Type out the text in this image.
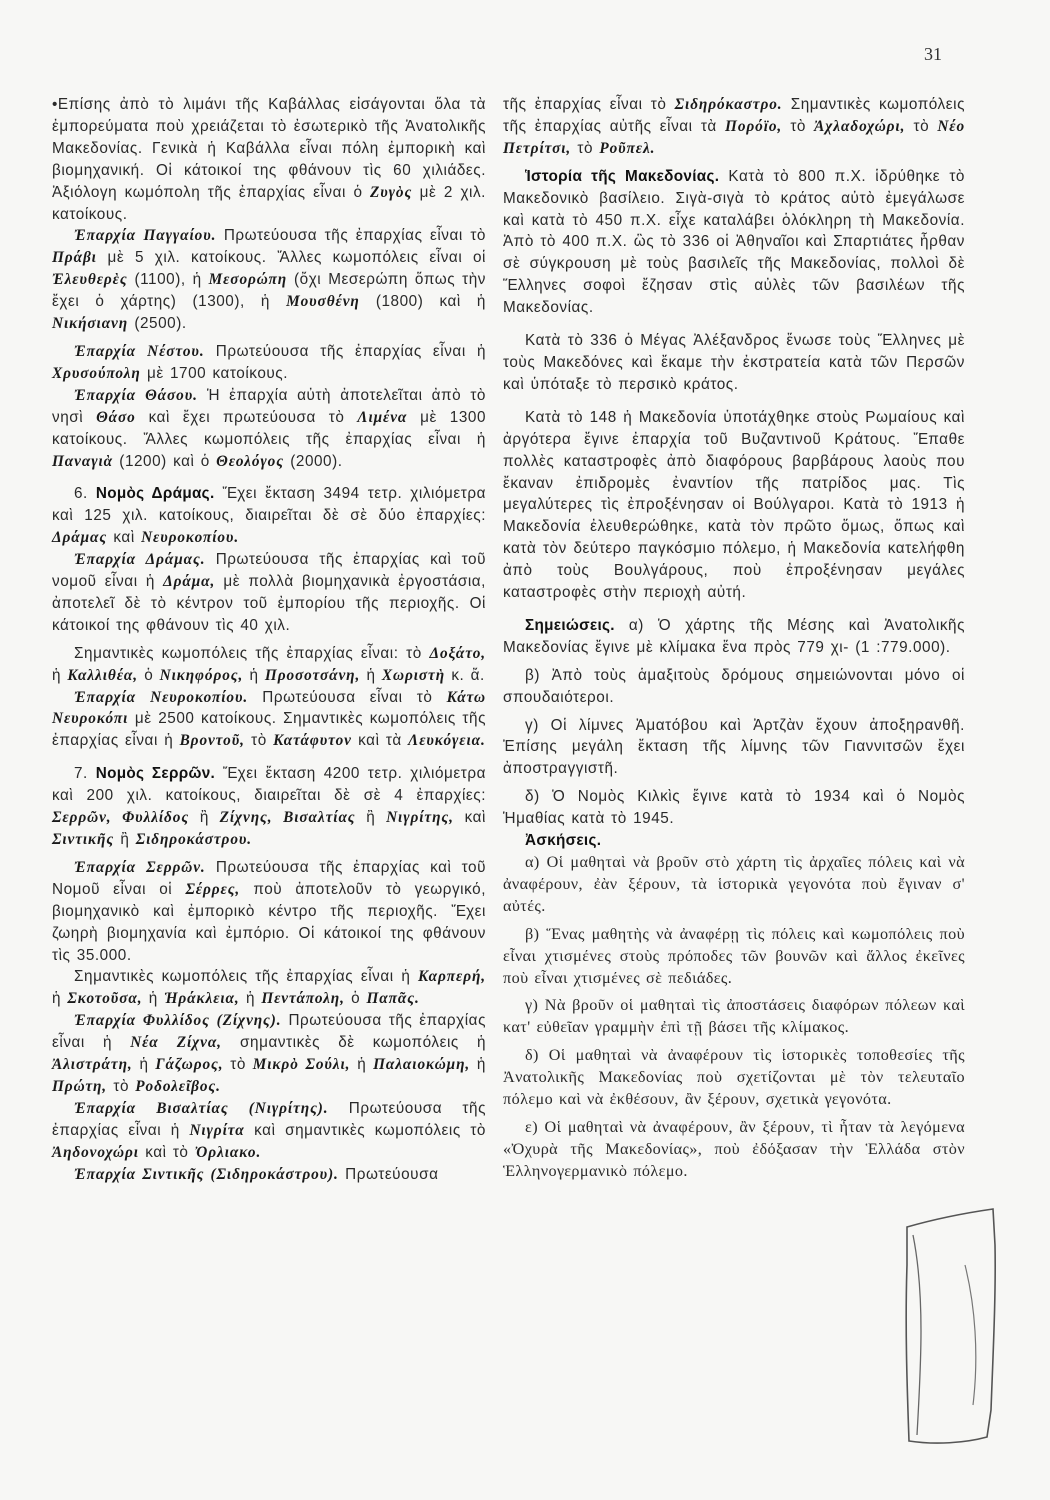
31

•Επίσης ἀπὸ τὸ λιμάνι τῆς Καβάλλας εἰσάγονται ὅλα τὰ ἐμπορεύματα ποὺ χρειάζεται τὸ ἐσωτερικὸ τῆς Ἀνατολικῆς Μακεδονίας. Γενικὰ ἡ Καβάλλα εἶναι πόλη ἐμπορικὴ καὶ βιομηχανική. Οἱ κάτοικοί της φθάνουν τὶς 60 χιλιάδες. Ἀξιόλογη κωμόπολη τῆς ἐπαρχίας εἶναι ὁ Ζυγὸς μὲ 2 χιλ. κατοίκους.

Ἐπαρχία Παγγαίου. Πρωτεύουσα τῆς ἐπαρχίας εἶναι τὸ Πράβι μὲ 5 χιλ. κατοίκους. Ἄλλες κωμοπόλεις εἶναι οἱ Ἐλευθερὲς (1100), ἡ Μεσορώπη (ὄχι Μεσερώπη ὅπως τὴν ἔχει ὁ χάρτης) (1300), ἡ Μουσθένη (1800) καὶ ἡ Νικήσιανη (2500).

Ἐπαρχία Νέστου. Πρωτεύουσα τῆς ἐπαρχίας εἶναι ἡ Χρυσούπολη μὲ 1700 κατοίκους.

Ἐπαρχία Θάσου. Ἡ ἐπαρχία αὐτὴ ἀποτελεῖται ἀπὸ τὸ νησὶ Θάσο καὶ ἔχει πρωτεύουσα τὸ Λιμένα μὲ 1300 κατοίκους. Ἄλλες κωμοπόλεις τῆς ἐπαρχίας εἶναι ἡ Παναγιὰ (1200) καὶ ὁ Θεολόγος (2000).

6. Νομὸς Δράμας. Ἔχει ἔκταση 3494 τετρ. χιλιόμετρα καὶ 125 χιλ. κατοίκους, διαιρεῖται δὲ σὲ δύο ἐπαρχίες: Δράμας καὶ Νευροκοπίου.

Ἐπαρχία Δράμας. Πρωτεύουσα τῆς ἐπαρχίας καὶ τοῦ νομοῦ εἶναι ἡ Δράμα, μὲ πολλὰ βιομηχανικὰ ἐργοστάσια, ἀποτελεῖ δὲ τὸ κέντρον τοῦ ἐμπορίου τῆς περιοχῆς. Οἱ κάτοικοί της φθάνουν τὶς 40 χιλ.

Σημαντικὲς κωμοπόλεις τῆς ἐπαρχίας εἶναι: τὸ Δοξάτο, ἡ Καλλιθέα, ὁ Νικηφόρος, ἡ Προσοτσάνη, ἡ Χωριστὴ κ. ἄ.

Ἐπαρχία Νευροκοπίου. Πρωτεύουσα εἶναι τὸ Κάτω Νευροκόπι μὲ 2500 κατοίκους. Σημαντικὲς κωμοπόλεις τῆς ἐπαρχίας εἶναι ἡ Βροντοῦ, τὸ Κατάφυτον καὶ τὰ Λευκόγεια.

7. Νομὸς Σερρῶν. Ἔχει ἔκταση 4200 τετρ. χιλιόμετρα καὶ 200 χιλ. κατοίκους, διαιρεῖται δὲ σὲ 4 ἐπαρχίες: Σερρῶν, Φυλλίδος ἢ Ζίχνης, Βισαλτίας ἢ Νιγρίτης, καὶ Σιντικῆς ἢ Σιδηροκάστρου.

Ἐπαρχία Σερρῶν. Πρωτεύουσα τῆς ἐπαρχίας καὶ τοῦ Νομοῦ εἶναι οἱ Σέρρες, ποὺ ἀποτελοῦν τὸ γεωργικό, βιομηχανικὸ καὶ ἐμπορικὸ κέντρο τῆς περιοχῆς. Ἔχει ζωηρὴ βιομηχανία καὶ ἐμπόριο. Οἱ κάτοικοί της φθάνουν τὶς 35.000.

Σημαντικὲς κωμοπόλεις τῆς ἐπαρχίας εἶναι ἡ Καρπερή, ἡ Σκοτοῦσα, ἡ Ἡράκλεια, ἡ Πεντάπολη, ὁ Παπᾶς.

Ἐπαρχία Φυλλίδος (Ζίχνης). Πρωτεύουσα τῆς ἐπαρχίας εἶναι ἡ Νέα Ζίχνα, σημαντικὲς δὲ κωμοπόλεις ἡ Ἀλιστράτη, ἡ Γάζωρος, τὸ Μικρὸ Σούλι, ἡ Παλαιοκώμη, ἡ Πρώτη, τὸ Ροδολεῖβος.

Ἐπαρχία Βισαλτίας (Νιγρίτης). Πρωτεύουσα τῆς ἐπαρχίας εἶναι ἡ Νιγρίτα καὶ σημαντικὲς κωμοπόλεις τὸ Ἀηδονοχώρι καὶ τὸ Ὀρλιακο.

Ἐπαρχία Σιντικῆς (Σιδηροκάστρου). Πρωτεύουσα

τῆς ἐπαρχίας εἶναι τὸ Σιδηρόκαστρο. Σημαντικὲς κωμοπόλεις τῆς ἐπαρχίας αὐτῆς εἶναι τὰ Πορόϊο, τὸ Ἀχλαδοχώρι, τὸ Νέο Πετρίτσι, τὸ Ροῦπελ.

Ἱστορία τῆς Μακεδονίας. Κατὰ τὸ 800 π.Χ. ἱδρύθηκε τὸ Μακεδονικὸ βασίλειο. Σιγὰ-σιγὰ τὸ κράτος αὐτὸ ἐμεγάλωσε καὶ κατὰ τὸ 450 π.Χ. εἶχε καταλάβει ὁλόκληρη τὴ Μακεδονία. Ἀπὸ τὸ 400 π.Χ. ὣς τὸ 336 οἱ Ἀθηναῖοι καὶ Σπαρτιάτες ἦρθαν σὲ σύγκρουση μὲ τοὺς βασιλεῖς τῆς Μακεδονίας, πολλοὶ δὲ Ἕλληνες σοφοὶ ἔζησαν στὶς αὐλὲς τῶν βασιλέων τῆς Μακεδονίας.

Κατὰ τὸ 336 ὁ Μέγας Ἀλέξανδρος ἕνωσε τοὺς Ἕλληνες μὲ τοὺς Μακεδόνες καὶ ἔκαμε τὴν ἐκστρατεία κατὰ τῶν Περσῶν καὶ ὑπόταξε τὸ περσικὸ κράτος.

Κατὰ τὸ 148 ἡ Μακεδονία ὑποτάχθηκε στοὺς Ρωμαίους καὶ ἀργότερα ἔγινε ἐπαρχία τοῦ Βυζαντινοῦ Κράτους. Ἔπαθε πολλὲς καταστροφὲς ἀπὸ διαφόρους βαρβάρους λαοὺς που ἔκαναν ἐπιδρομὲς ἐναντίον τῆς πατρίδος μας. Τὶς μεγαλύτερες τὶς ἐπροξένησαν οἱ Βούλγαροι. Κατὰ τὸ 1913 ἡ Μακεδονία ἐλευθερώθηκε, κατὰ τὸν πρῶτο ὅμως, ὅπως καὶ κατὰ τὸν δεύτερο παγκόσμιο πόλεμο, ἡ Μακεδονία κατελήφθη ἀπὸ τοὺς Βουλγάρους, ποὺ ἐπροξένησαν μεγάλες καταστροφὲς στὴν περιοχὴ αὐτή.

Σημειώσεις. α) Ὁ χάρτης τῆς Μέσης καὶ Ἀνατολικῆς Μακεδονίας ἔγινε μὲ κλίμακα ἕνα πρὸς 779 χι- (1 :779.000).

β) Ἀπὸ τοὺς ἁμαξιτοὺς δρόμους σημειώνονται μόνο οἱ σπουδαιότεροι.

γ) Οἱ λίμνες Ἀματόβου καὶ Ἀρτζὰν ἔχουν ἀποξηρανθῆ. Ἐπίσης μεγάλη ἔκταση τῆς λίμνης τῶν Γιαννιτσῶν ἔχει ἀποστραγγιστῆ.

δ) Ὁ Νομὸς Κιλκὶς ἔγινε κατὰ τὸ 1934 καὶ ὁ Νομὸς Ἡμαθίας κατὰ τὸ 1945.

Ἀσκήσεις.

α) Οἱ μαθηταὶ νὰ βροῦν στὸ χάρτη τὶς ἀρχαῖες πόλεις καὶ νὰ ἀναφέρουν, ἐὰν ξέρουν, τὰ ἱστορικὰ γεγονότα ποὺ ἔγιναν σ' αὐτές.

β) Ἕνας μαθητὴς νὰ ἀναφέρῃ τὶς πόλεις καὶ κωμοπόλεις ποὺ εἶναι χτισμένες στοὺς πρόποδες τῶν βουνῶν καὶ ἄλλος ἐκεῖνες ποὺ εἶναι χτισμένες σὲ πεδιάδες.

γ) Νὰ βροῦν οἱ μαθηταὶ τὶς ἀποστάσεις διαφόρων πόλεων καὶ κατ' εὐθεῖαν γραμμὴν ἐπὶ τῇ βάσει τῆς κλίμακος.

δ) Οἱ μαθηταὶ νὰ ἀναφέρουν τὶς ἱστορικὲς τοποθεσίες τῆς Ἀνατολικῆς Μακεδονίας ποὺ σχετίζονται μὲ τὸν τελευταῖο πόλεμο καὶ νὰ ἐκθέσουν, ἂν ξέρουν, σχετικὰ γεγονότα.

ε) Οἱ μαθηταὶ νὰ ἀναφέρουν, ἂν ξέρουν, τὶ ἦταν τὰ λεγόμενα «Ὀχυρὰ τῆς Μακεδονίας», ποὺ ἐδόξασαν τὴν Ἑλλάδα στὸν Ἑλληνογερμανικὸ πόλεμο.
